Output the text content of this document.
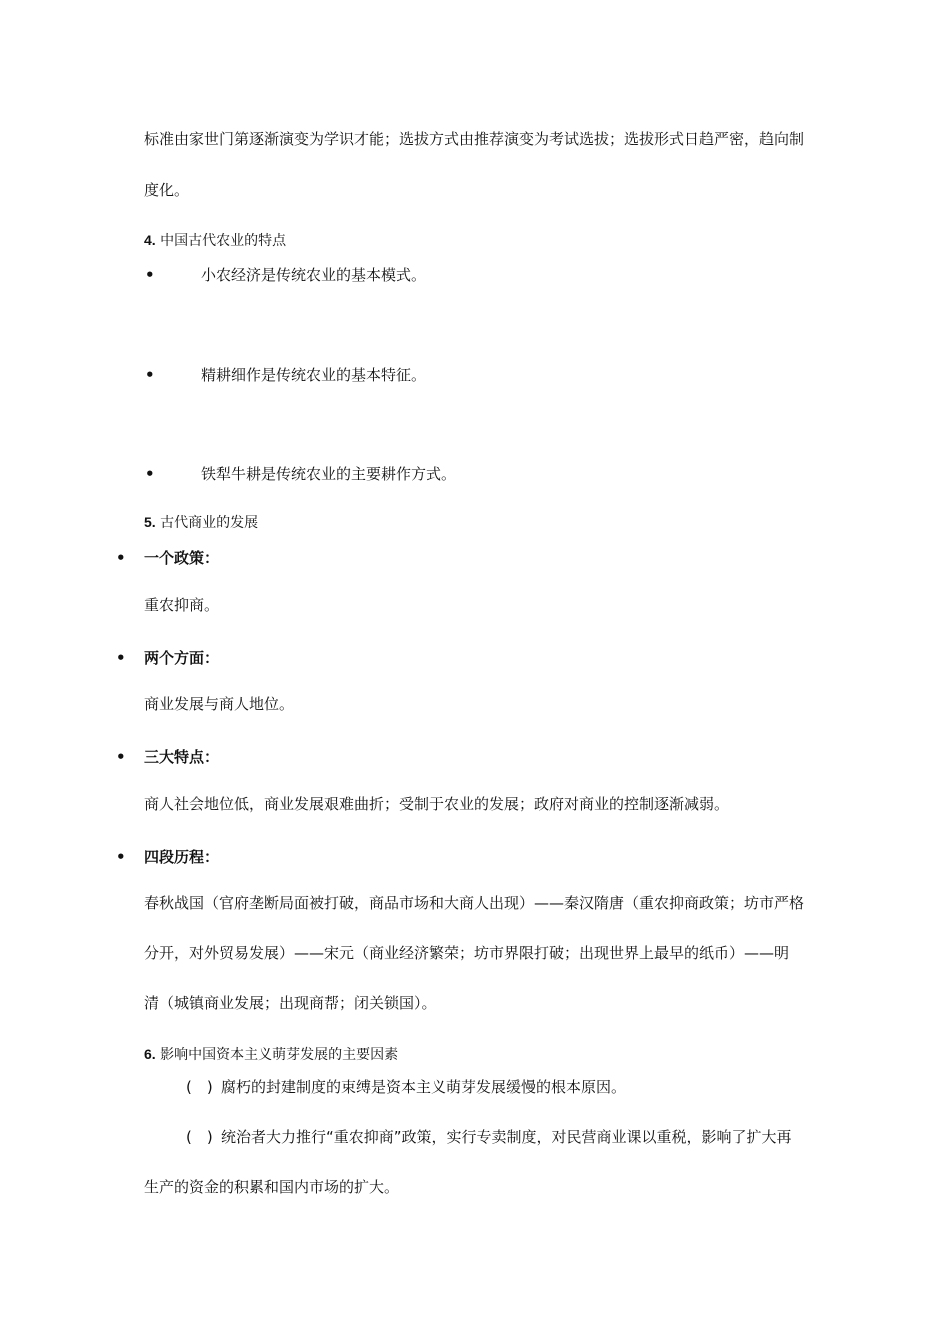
标准由家世门第逐渐演变为学识才能；选拔方式由推荐演变为考试选拔；选拔形式日趋严密，趋向制
度化。
4. 中国古代农业的特点
•	小农经济是传统农业的基本模式。
•	精耕细作是传统农业的基本特征。
•	铁犁牛耕是传统农业的主要耕作方式。
5. 古代商业的发展
• 一个政策：
重农抑商。
• 两个方面：
商业发展与商人地位。
• 三大特点：
商人社会地位低，商业发展艰难曲折；受制于农业的发展；政府对商业的控制逐渐减弱。
• 四段历程：
春秋战国（官府垄断局面被打破，商品市场和大商人出现）——秦汉隋唐（重农抑商政策；坊市严格
分开，对外贸易发展）——宋元（商业经济繁荣；坊市界限打破；出现世界上最早的纸币）——明
清（城镇商业发展；出现商帮；闭关锁国）。
6. 影响中国资本主义萌芽发展的主要因素
(　) 腐朽的封建制度的束缚是资本主义萌芽发展缓慢的根本原因。
(　) 统治者大力推行“重农抑商”政策，实行专卖制度，对民营商业课以重税，影响了扩大再
生产的资金的积累和国内市场的扩大。
